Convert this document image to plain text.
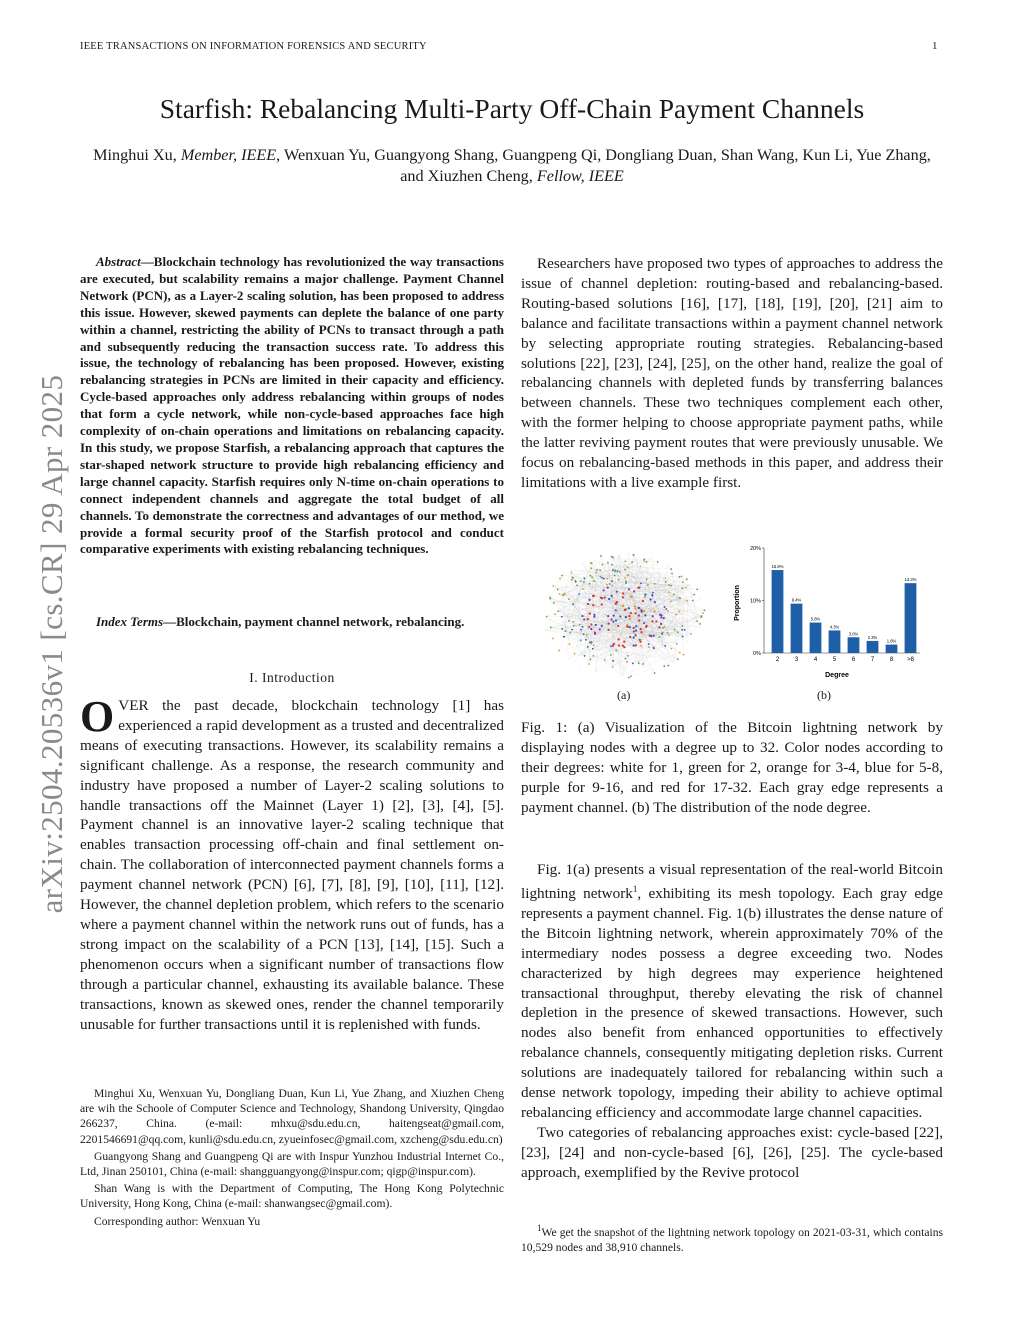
IEEE TRANSACTIONS ON INFORMATION FORENSICS AND SECURITY	1
arXiv:2504.20536v1 [cs.CR] 29 Apr 2025
Starfish: Rebalancing Multi-Party Off-Chain Payment Channels
Minghui Xu, Member, IEEE, Wenxuan Yu, Guangyong Shang, Guangpeng Qi, Dongliang Duan, Shan Wang, Kun Li, Yue Zhang, and Xiuzhen Cheng, Fellow, IEEE
Abstract—Blockchain technology has revolutionized the way transactions are executed, but scalability remains a major challenge. Payment Channel Network (PCN), as a Layer-2 scaling solution, has been proposed to address this issue. However, skewed payments can deplete the balance of one party within a channel, restricting the ability of PCNs to transact through a path and subsequently reducing the transaction success rate. To address this issue, the technology of rebalancing has been proposed. However, existing rebalancing strategies in PCNs are limited in their capacity and efficiency. Cycle-based approaches only address rebalancing within groups of nodes that form a cycle network, while non-cycle-based approaches face high complexity of on-chain operations and limitations on rebalancing capacity. In this study, we propose Starfish, a rebalancing approach that captures the star-shaped network structure to provide high rebalancing efficiency and large channel capacity. Starfish requires only N-time on-chain operations to connect independent channels and aggregate the total budget of all channels. To demonstrate the correctness and advantages of our method, we provide a formal security proof of the Starfish protocol and conduct comparative experiments with existing rebalancing techniques.
Index Terms—Blockchain, payment channel network, rebalancing.
I. Introduction
OVER the past decade, blockchain technology [1] has experienced a rapid development as a trusted and decentralized means of executing transactions. However, its scalability remains a significant challenge. As a response, the research community and industry have proposed a number of Layer-2 scaling solutions to handle transactions off the Mainnet (Layer 1) [2], [3], [4], [5]. Payment channel is an innovative layer-2 scaling technique that enables transaction processing off-chain and final settlement on-chain. The collaboration of interconnected payment channels forms a payment channel network (PCN) [6], [7], [8], [9], [10], [11], [12]. However, the channel depletion problem, which refers to the scenario where a payment channel within the network runs out of funds, has a strong impact on the scalability of a PCN [13], [14], [15]. Such a phenomenon occurs when a significant number of transactions flow through a particular channel, exhausting its available balance. These transactions, known as skewed ones, render the channel temporarily unusable for further transactions until it is replenished with funds.

Minghui Xu, Wenxuan Yu, Dongliang Duan, Kun Li, Yue Zhang, and Xiuzhen Cheng are wih the Schoole of Computer Science and Technology, Shandong University, Qingdao 266237, China. (e-mail: mhxu@sdu.edu.cn, haitengseat@gmail.com, 2201546691@qq.com, kunli@sdu.edu.cn, zyueinfosec@gmail.com, xzcheng@sdu.edu.cn)

Guangyong Shang and Guangpeng Qi are with Inspur Yunzhou Industrial Internet Co., Ltd, Jinan 250101, China (e-mail: shangguangyong@inspur.com; qigp@inspur.com).

Shan Wang is with the Department of Computing, The Hong Kong Polytechnic University, Hong Kong, China (e-mail: shanwangsec@gmail.com).

Corresponding author: Wenxuan Yu

Researchers have proposed two types of approaches to address the issue of channel depletion: routing-based and rebalancing-based. Routing-based solutions [16], [17], [18], [19], [20], [21] aim to balance and facilitate transactions within a payment channel network by selecting appropriate routing strategies. Rebalancing-based solutions [22], [23], [24], [25], on the other hand, realize the goal of rebalancing channels with depleted funds by transferring balances between channels. These two techniques complement each other, with the former helping to choose appropriate payment paths, while the latter reviving payment routes that were previously unusable. We focus on rebalancing-based methods in this paper, and address their limitations with a live example first.
0%
10%
20%
15.8%
2
9.4%
3
5.8%
4
4.3%
5
3.0%
6
2.3%
7
1.6%
8
13.3%
>8
Proportion
Degree
(a)	(b)
Fig. 1: (a) Visualization of the Bitcoin lightning network by displaying nodes with a degree up to 32. Color nodes according to their degrees: white for 1, green for 2, orange for 3-4, blue for 5-8, purple for 9-16, and red for 17-32. Each gray edge represents a payment channel. (b) The distribution of the node degree.

Fig. 1(a) presents a visual representation of the real-world Bitcoin lightning network$^1$, exhibiting its mesh topology. Each gray edge represents a payment channel. Fig. 1(b) illustrates the dense nature of the Bitcoin lightning network, wherein approximately 70% of the intermediary nodes possess a degree exceeding two. Nodes characterized by high degrees may experience heightened transactional throughput, thereby elevating the risk of channel depletion in the presence of skewed transactions. However, such nodes also benefit from enhanced opportunities to effectively rebalance channels, consequently mitigating depletion risks. Current solutions are inadequately tailored for rebalancing within such a dense network topology, impeding their ability to achieve optimal rebalancing efficiency and accommodate large channel capacities.

Two categories of rebalancing approaches exist: cycle-based [22], [23], [24] and non-cycle-based [6], [26], [25]. The cycle-based approach, exemplified by the Revive protocol

$^1$We get the snapshot of the lightning network topology on 2021-03-31, which contains 10,529 nodes and 38,910 channels.
